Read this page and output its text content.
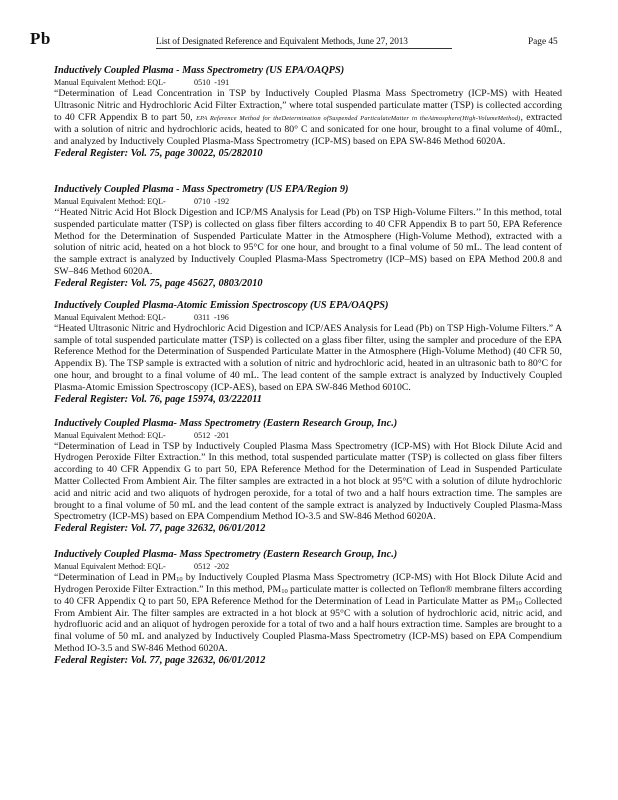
Pb	List of Designated Reference and Equivalent Methods, June 27, 2013	Page 45
Inductively Coupled Plasma - Mass Spectrometry (US EPA/OAQPS)
Manual Equivalent Method: EQL-	0510  -191

“Determination of Lead Concentration in TSP by Inductively Coupled Plasma Mass Spectrometry (ICP-MS) with Heated Ultrasonic Nitric and Hydrochloric Acid Filter Extraction,” where total suspended particulate matter (TSP) is collected according to 40 CFR Appendix B to part 50, EPA Reference Method for theDetermination ofSuspended ParticulateMatter in theAtmosphere(High-VolumeMethod), extracted with a solution of nitric and hydrochloric acids, heated to 80° C and sonicated for one hour, brought to a final volume of 40mL, and analyzed by Inductively Coupled Plasma-Mass Spectrometry (ICP-MS) based on EPA SW-846 Method 6020A.

Federal Register: Vol. 75, page 30022, 05/282010
Inductively Coupled Plasma - Mass Spectrometry (US EPA/Region 9)
Manual Equivalent Method: EQL-	0710  -192

‘‘Heated Nitric Acid Hot Block Digestion and ICP/MS Analysis for Lead (Pb) on TSP High-Volume Filters.’’ In this method, total suspended particulate matter (TSP) is collected on glass fiber filters according to 40 CFR Appendix B to part 50, EPA Reference Method for the Determination of Suspended Particulate Matter in the Atmosphere (High-Volume Method), extracted with a solution of nitric acid, heated on a hot block to 95°C for one hour, and brought to a final volume of 50 mL. The lead content of the sample extract is analyzed by Inductively Coupled Plasma-Mass Spectrometry (ICP–MS) based on EPA Method 200.8 and SW–846 Method 6020A.

Federal Register: Vol. 75, page 45627, 0803/2010
Inductively Coupled Plasma-Atomic Emission Spectroscopy (US EPA/OAQPS)
Manual Equivalent Method: EQL-	0311  -196

“Heated Ultrasonic Nitric and Hydrochloric Acid Digestion and ICP/AES Analysis for Lead (Pb) on TSP High-Volume Filters.” A sample of total suspended particulate matter (TSP) is collected on a glass fiber filter, using the sampler and procedure of the EPA Reference Method for the Determination of Suspended Particulate Matter in the Atmosphere (High-Volume Method) (40 CFR 50, Appendix B). The TSP sample is extracted with a solution of nitric and hydrochloric acid, heated in an ultrasonic bath to 80°C for one hour, and brought to a final volume of 40 mL. The lead content of the sample extract is analyzed by Inductively Coupled Plasma-Atomic Emission Spectroscopy (ICP-AES), based on EPA SW-846 Method 6010C.

Federal Register: Vol. 76, page 15974, 03/222011
Inductively Coupled Plasma- Mass Spectrometry (Eastern Research Group, Inc.)
Manual Equivalent Method: EQL-	0512  -201

“Determination of Lead in TSP by Inductively Coupled Plasma Mass Spectrometry (ICP-MS) with Hot Block Dilute Acid and Hydrogen Peroxide Filter Extraction.” In this method, total suspended particulate matter (TSP) is collected on glass fiber filters according to 40 CFR Appendix G to part 50, EPA Reference Method for the Determination of Lead in Suspended Particulate Matter Collected From Ambient Air. The filter samples are extracted in a hot block at 95°C with a solution of dilute hydrochloric acid and nitric acid and two aliquots of hydrogen peroxide, for a total of two and a half hours extraction time. The samples are brought to a final volume of 50 mL and the lead content of the sample extract is analyzed by Inductively Coupled Plasma-Mass Spectrometry (ICP-MS) based on EPA Compendium Method IO-3.5 and SW-846 Method 6020A.

Federal Register: Vol. 77, page 32632, 06/01/2012
Inductively Coupled Plasma- Mass Spectrometry (Eastern Research Group, Inc.)
Manual Equivalent Method: EQL-	0512  -202

“Determination of Lead in $PM_{10}$ by Inductively Coupled Plasma Mass Spectrometry (ICP-MS) with Hot Block Dilute Acid and Hydrogen Peroxide Filter Extraction.” In this method, $PM_{10}$ particulate matter is collected on Teflon® membrane filters according to 40 CFR Appendix Q to part 50, EPA Reference Method for the Determination of Lead in Particulate Matter as $PM_{10}$ Collected From Ambient Air. The filter samples are extracted in a hot block at 95°C with a solution of hydrochloric acid, nitric acid, and hydrofluoric acid and an aliquot of hydrogen peroxide for a total of two and a half hours extraction time. Samples are brought to a final volume of 50 mL and analyzed by Inductively Coupled Plasma-Mass Spectrometry (ICP-MS) based on EPA Compendium Method IO-3.5 and SW-846 Method 6020A.

Federal Register: Vol. 77, page 32632, 06/01/2012
